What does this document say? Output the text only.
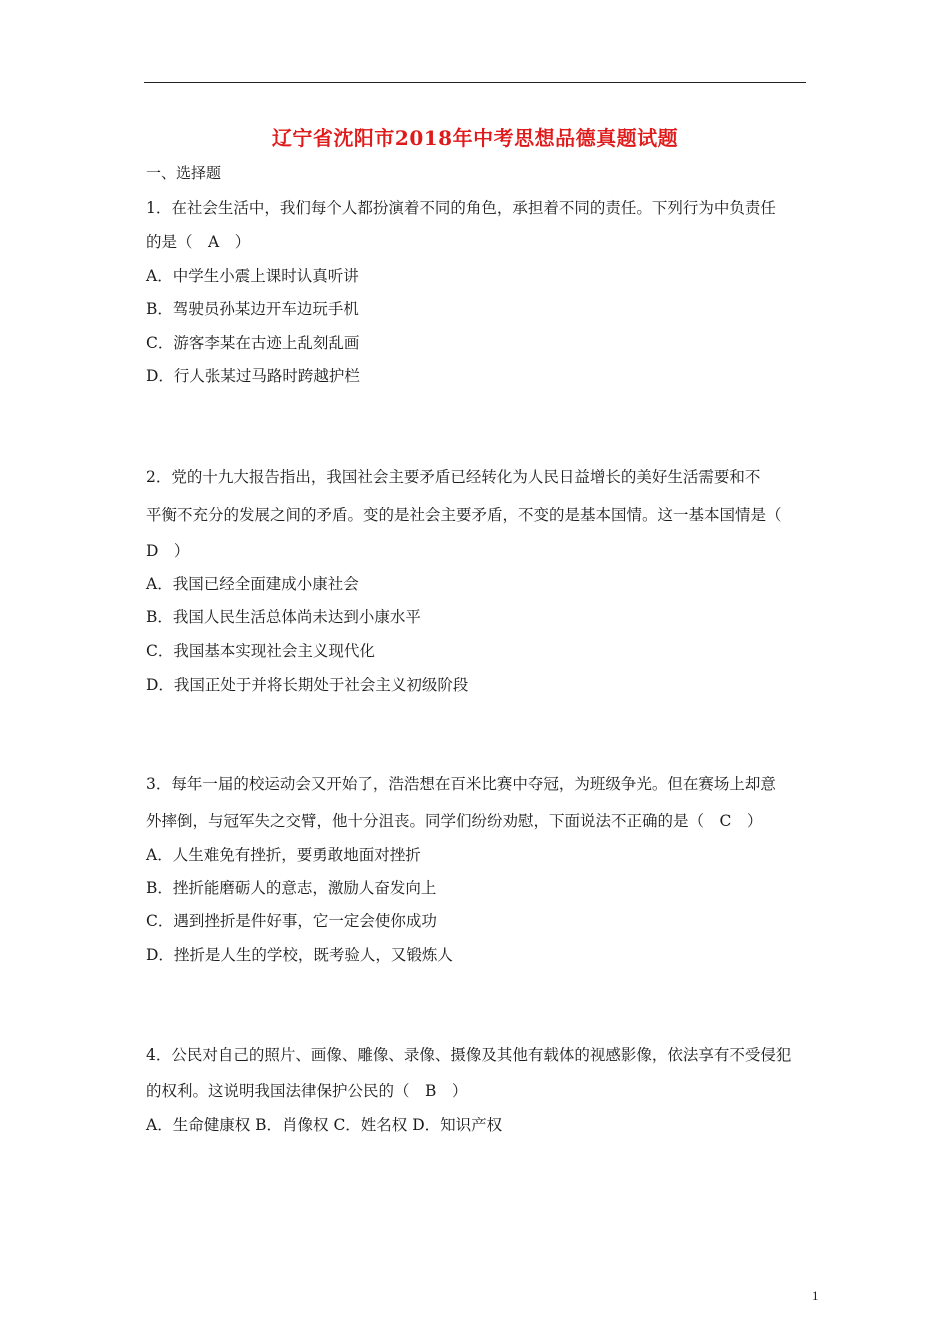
辽宁省沈阳市2018年中考思想品德真题试题
一、选择题
1．在社会生活中，我们每个人都扮演着不同的角色，承担着不同的责任。下列行为中负责任
的是（　A　）
A．中学生小震上课时认真听讲
B．驾驶员孙某边开车边玩手机
C．游客李某在古迹上乱刻乱画
D．行人张某过马路时跨越护栏
2．党的十九大报告指出，我国社会主要矛盾已经转化为人民日益增长的美好生活需要和不
平衡不充分的发展之间的矛盾。变的是社会主要矛盾，不变的是基本国情。这一基本国情是（
D　）
A．我国已经全面建成小康社会
B．我国人民生活总体尚未达到小康水平
C．我国基本实现社会主义现代化
D．我国正处于并将长期处于社会主义初级阶段
3．每年一届的校运动会又开始了，浩浩想在百米比赛中夺冠，为班级争光。但在赛场上却意
外摔倒，与冠军失之交臂，他十分沮丧。同学们纷纷劝慰，下面说法不正确的是（　C　）
A．人生难免有挫折，要勇敢地面对挫折
B．挫折能磨砺人的意志，激励人奋发向上
C．遇到挫折是件好事，它一定会使你成功
D．挫折是人生的学校，既考验人，又锻炼人
4．公民对自己的照片、画像、雕像、录像、摄像及其他有载体的视感影像，依法享有不受侵犯
的权利。这说明我国法律保护公民的（　B　）
A．生命健康权 B．肖像权 C．姓名权 D．知识产权
1
